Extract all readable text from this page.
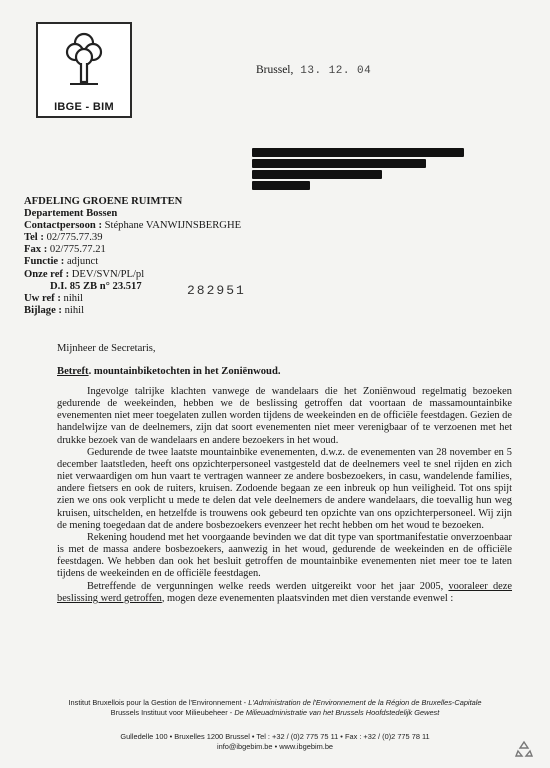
IBGE - BIM
Brussel, 13. 12. 04
AFDELING GROENE RUIMTEN
Departement Bossen
Contactpersoon : Stéphane VANWIJNSBERGHE
Tel : 02/775.77.39
Fax : 02/775.77.21
Functie : adjunct
Onze ref : DEV/SVN/PL/pl
D.I. 85 ZB n° 23.517
Uw ref : nihil
Bijlage : nihil
282951
Mijnheer de Secretaris,
Betreft. mountainbiketochten in het Zoniënwoud.

Ingevolge talrijke klachten vanwege de wandelaars die het Zoniënwoud regelmatig bezoeken gedurende de weekeinden, hebben we de beslissing getroffen dat voortaan de massamountainbike evenementen niet meer toegelaten zullen worden tijdens de weekeinden en de officiële feestdagen. Gezien de handelwijze van de deelnemers, zijn dat soort evenementen niet meer verenigbaar of te verzoenen met het drukke bezoek van de wandelaars en andere bezoekers in het woud.

Gedurende de twee laatste mountainbike evenementen, d.w.z. de evenementen van 28 november en 5 december laatstleden, heeft ons opzichterpersoneel vastgesteld dat de deelnemers veel te snel rijden en zich niet verwaardigen om hun vaart te vertragen wanneer ze andere bosbezoekers, in casu, wandelende families, andere fietsers en ook de ruiters, kruisen. Zodoende begaan ze een inbreuk op hun veiligheid. Tot ons spijt zien we ons ook verplicht u mede te delen dat vele deelnemers de andere wandelaars, die toevallig hun weg kruisen, uitschelden, en hetzelfde is trouwens ook gebeurd ten opzichte van ons opzichterpersoneel. Wij zijn de mening toegedaan dat de andere bosbezoekers evenzeer het recht hebben om het woud te bezoeken.

Rekening houdend met het voorgaande bevinden we dat dit type van sportmanifestatie onverzoenbaar is met de massa andere bosbezoekers, aanwezig in het woud, gedurende de weekeinden en de officiële feestdagen. We hebben dan ook het besluit getroffen de mountainbike evenementen niet meer toe te laten tijdens de weekeinden en de officiële feestdagen.

Betreffende de vergunningen welke reeds werden uitgereikt voor het jaar 2005, vooraleer deze beslissing werd getroffen, mogen deze evenementen plaatsvinden met dien verstande evenwel :

Institut Bruxellois pour la Gestion de l'Environnement - L'Administration de l'Environnement de la Région de Bruxelles-Capitale
Brussels Instituut voor Milieubeheer - De Milieuadministratie van het Brussels Hoofdstedelijk Gewest
Gulledelle 100 • Bruxelles 1200 Brussel • Tel : +32 / (0)2 775 75 11 • Fax : +32 / (0)2 775 78 11
info@ibgebim.be • www.ibgebim.be
